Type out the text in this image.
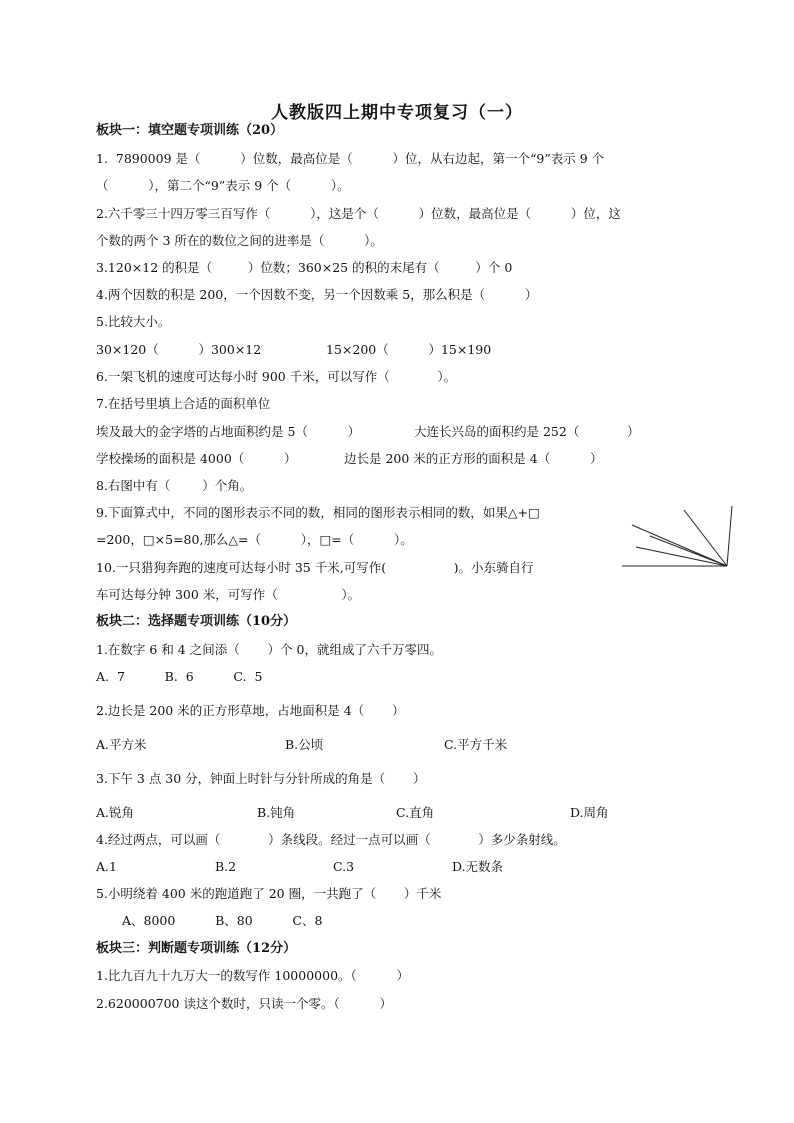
人教版四上期中专项复习（一）
板块一：填空题专项训练（20）
1.  7890009 是（          ）位数，最高位是（          ）位，从右边起，第一个“9”表示 9 个
（          ），第二个“9”表示 9 个（          ）。
2.六千零三十四万零三百写作（          ），这是个（          ）位数，最高位是（          ）位，这
个数的两个 3 所在的数位之间的进率是（          ）。
3.120×12 的积是（         ）位数；360×25 的积的末尾有（         ）个 0
4.两个因数的积是 200，一个因数不变，另一个因数乘 5，那么积是（          ）
5.比较大小。
30×120（          ）300×12	15×200（          ）15×190
6.一架飞机的速度可达每小时 900 千米，可以写作（            ）。
7.在括号里填上合适的面积单位
埃及最大的金字塔的占地面积约是 5（          ）	大连长兴岛的面积约是 252（            ）
学校操场的面积是 4000（          ）	边长是 200 米的正方形的面积是 4（          ）
8.右图中有（        ）个角。
9.下面算式中，不同的图形表示不同的数，相同的图形表示相同的数，如果△+□
=200，□×5=80,那么△=（          ），□=（          ）。
10.一只猎狗奔跑的速度可达每小时 35 千米,可写作(                 )。小东骑自行
车可达每分钟 300 米，可写作（                ）。
板块二：选择题专项训练（10分）
1.在数字 6 和 4 之间添（       ）个 0，就组成了六千万零四。
A.  7          B.  6          C.  5
2.边长是 200 米的正方形草地，占地面积是 4（       ）
A.平方米	B.公顷	C.平方千米
3.下午 3 点 30 分，钟面上时针与分针所成的角是（       ）
A.锐角	B.钝角	C.直角	D.周角
4.经过两点，可以画（            ）条线段。经过一点可以画（            ）多少条射线。
A.1	B.2	C.3	D.无数条
5.小明绕着 400 米的跑道跑了 20 圈，一共跑了（       ）千米
A、8000          B、80          C、8
板块三：判断题专项训练（12分）
1.比九百九十九万大一的数写作 10000000。（          ）
2.620000700 读这个数时，只读一个零。（          ）
